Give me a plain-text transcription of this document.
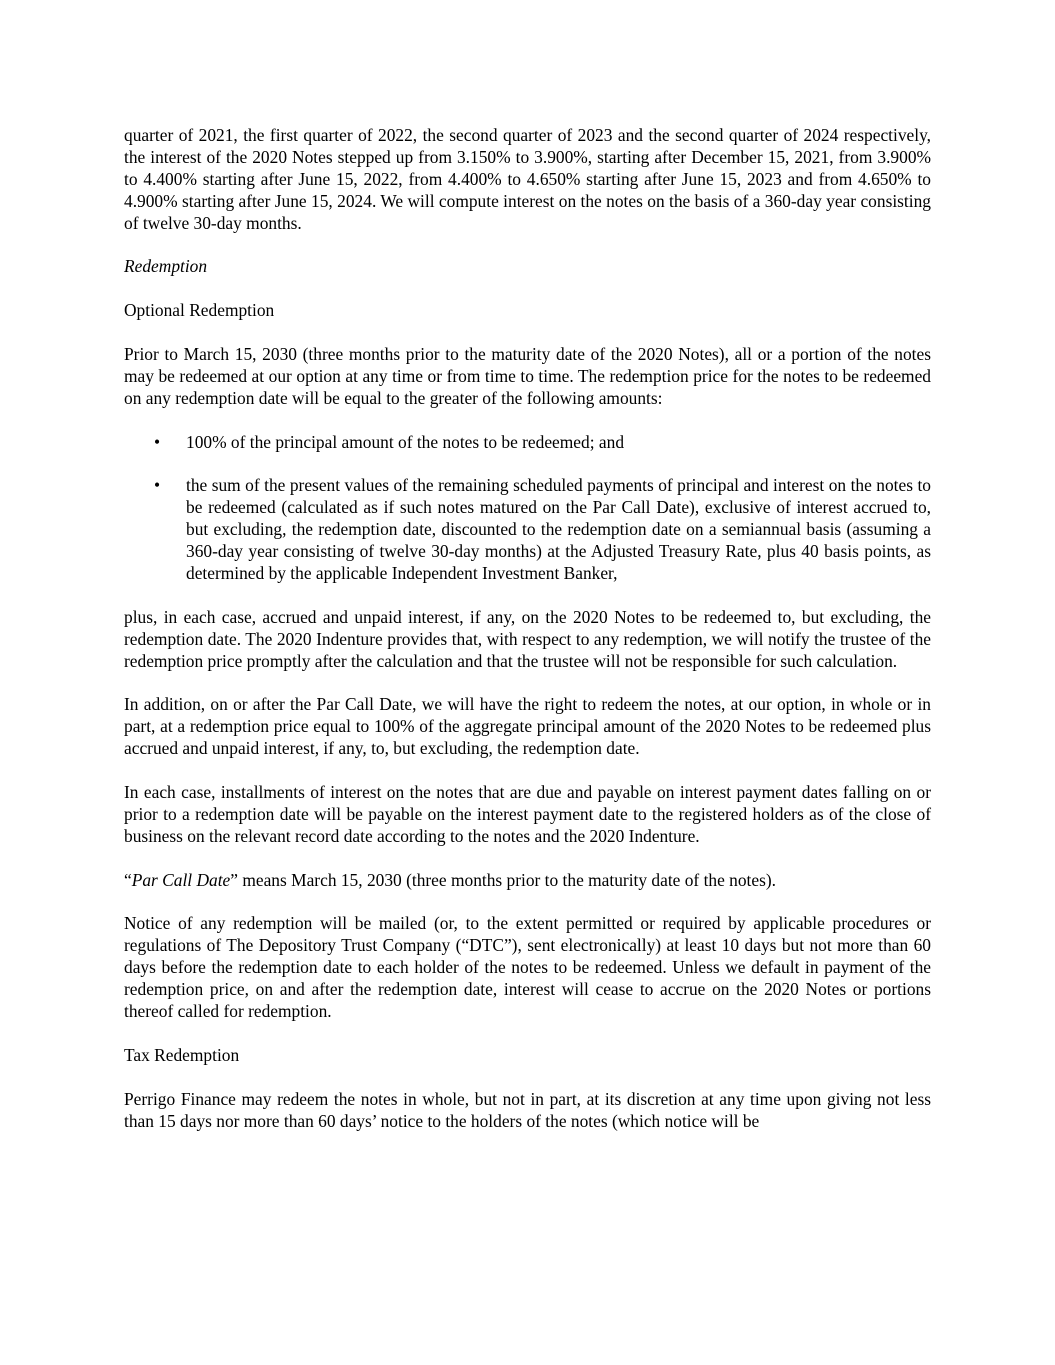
quarter of 2021, the first quarter of 2022, the second quarter of 2023 and the second quarter of 2024 respectively, the interest of the 2020 Notes stepped up from 3.150% to 3.900%, starting after December 15, 2021, from 3.900% to 4.400% starting after June 15, 2022, from 4.400% to 4.650% starting after June 15, 2023 and from 4.650% to 4.900% starting after June 15, 2024. We will compute interest on the notes on the basis of a 360-day year consisting of twelve 30-day months.

Redemption

Optional Redemption

Prior to March 15, 2030 (three months prior to the maturity date of the 2020 Notes), all or a portion of the notes may be redeemed at our option at any time or from time to time. The redemption price for the notes to be redeemed on any redemption date will be equal to the greater of the following amounts:

•	100% of the principal amount of the notes to be redeemed; and
•	the sum of the present values of the remaining scheduled payments of principal and interest on the notes to be redeemed (calculated as if such notes matured on the Par Call Date), exclusive of interest accrued to, but excluding, the redemption date, discounted to the redemption date on a semiannual basis (assuming a 360-day year consisting of twelve 30-day months) at the Adjusted Treasury Rate, plus 40 basis points, as determined by the applicable Independent Investment Banker,

plus, in each case, accrued and unpaid interest, if any, on the 2020 Notes to be redeemed to, but excluding, the redemption date. The 2020 Indenture provides that, with respect to any redemption, we will notify the trustee of the redemption price promptly after the calculation and that the trustee will not be responsible for such calculation.

In addition, on or after the Par Call Date, we will have the right to redeem the notes, at our option, in whole or in part, at a redemption price equal to 100% of the aggregate principal amount of the 2020 Notes to be redeemed plus accrued and unpaid interest, if any, to, but excluding, the redemption date.

In each case, installments of interest on the notes that are due and payable on interest payment dates falling on or prior to a redemption date will be payable on the interest payment date to the registered holders as of the close of business on the relevant record date according to the notes and the 2020 Indenture.

“Par Call Date” means March 15, 2030 (three months prior to the maturity date of the notes).

Notice of any redemption will be mailed (or, to the extent permitted or required by applicable procedures or regulations of The Depository Trust Company (“DTC”), sent electronically) at least 10 days but not more than 60 days before the redemption date to each holder of the notes to be redeemed. Unless we default in payment of the redemption price, on and after the redemption date, interest will cease to accrue on the 2020 Notes or portions thereof called for redemption.

Tax Redemption

Perrigo Finance may redeem the notes in whole, but not in part, at its discretion at any time upon giving not less than 15 days nor more than 60 days’ notice to the holders of the notes (which notice will be
